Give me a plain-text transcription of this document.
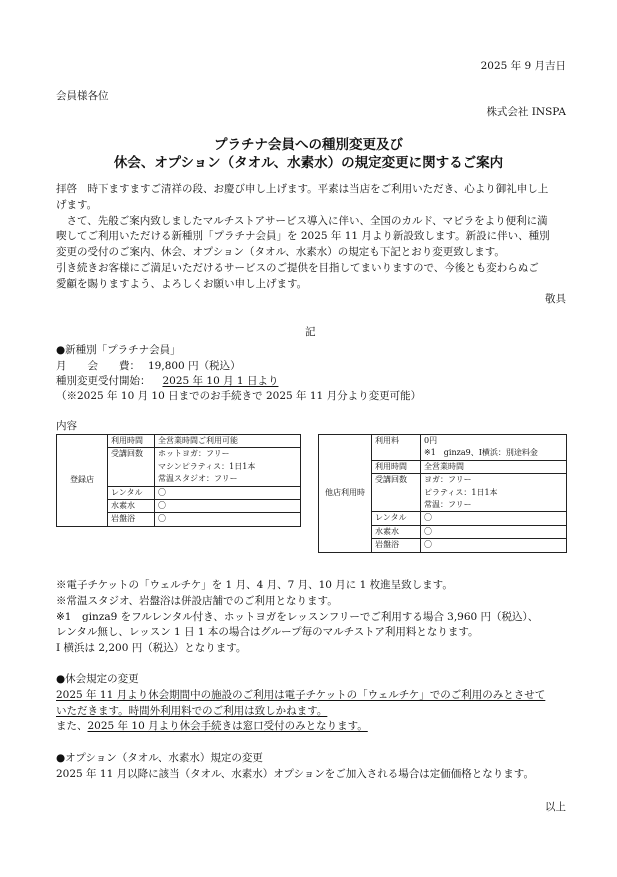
2025 年 9 月吉日
会員様各位
株式会社 INSPA
プラチナ会員への種別変更及び
休会、オプション（タオル、水素水）の規定変更に関するご案内
拝啓　時下ますますご清祥の段、お慶び申し上げます。平素は当店をご利用いただき、心より御礼申し上
げます。
　さて、先般ご案内致しましたマルチストアサービス導入に伴い、全国のカルド、マピラをより便利に満
喫してご利用いただける新種別「プラチナ会員」を 2025 年 11 月より新設致します。新設に伴い、種別
変更の受付のご案内、休会、オプション（タオル、水素水）の規定も下記とおり変更致します。
引き続きお客様にご満足いただけるサービスのご提供を目指してまいりますので、今後とも変わらぬご
愛顧を賜りますよう、よろしくお願い申し上げます。
敬具
記
●新種別「プラチナ会員」
月　　会　　費： 19,800 円（税込）
種別変更受付開始： 2025 年 10 月 1 日より
（※2025 年 10 月 10 日までのお手続きで 2025 年 11 月分より変更可能）
内容
登録店	利用時間	全営業時間ご利用可能
	受講回数	ホットヨガ：フリー
		マシンピラティス：1日1本
		常温スタジオ：フリー
	レンタル	〇
	水素水	〇
	岩盤浴	〇
他店利用時	利用料	0円
		※1　ginza9、I横浜：別途料金
	利用時間	全営業時間
	受講回数	ヨガ：フリー
		ピラティス：1日1本
		常温：フリー
	レンタル	〇
	水素水	〇
	岩盤浴	〇
※電子チケットの「ウェルチケ」を 1 月、4 月、7 月、10 月に 1 枚進呈致します。
※常温スタジオ、岩盤浴は併設店舗でのご利用となります。
※1　ginza9 をフルレンタル付き、ホットヨガをレッスンフリーでご利用する場合 3,960 円（税込）、
レンタル無し、レッスン 1 日 1 本の場合はグループ毎のマルチストア利用料となります。
I 横浜は 2,200 円（税込）となります。
●休会規定の変更
2025 年 11 月より休会期間中の施設のご利用は電子チケットの「ウェルチケ」でのご利用のみとさせて
いただきます。時間外利用料でのご利用は致しかねます。
また、2025 年 10 月より休会手続きは窓口受付のみとなります。
●オプション（タオル、水素水）規定の変更
2025 年 11 月以降に該当（タオル、水素水）オプションをご加入される場合は定価価格となります。
以上
